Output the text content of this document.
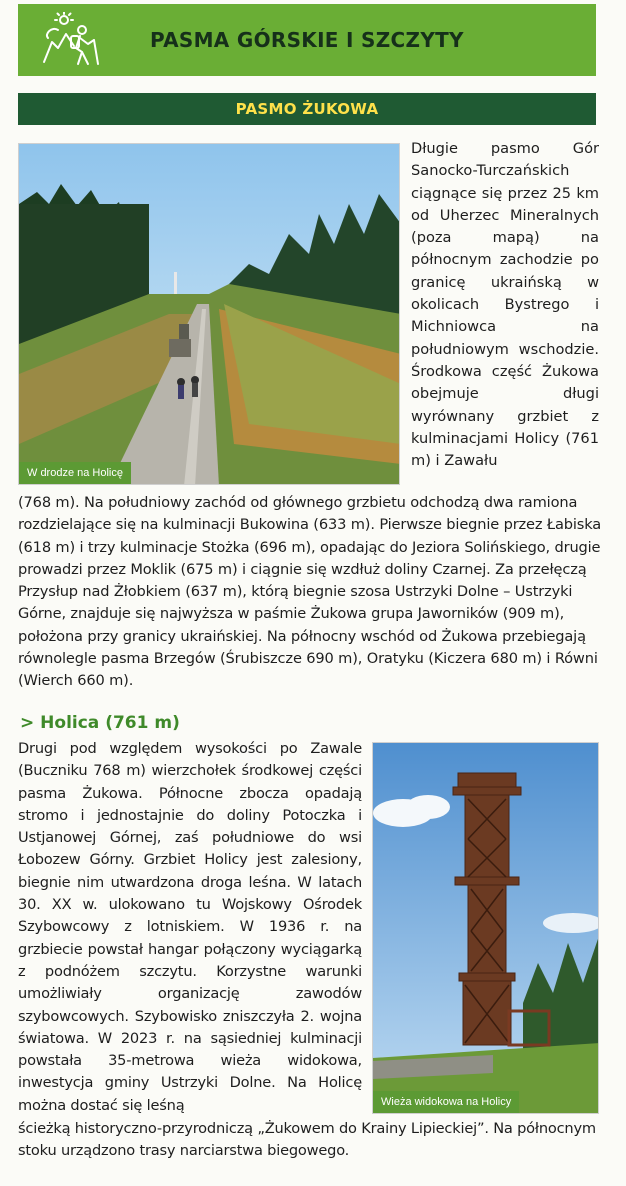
PASMA GÓRSKIE I SZCZYTY
PASMO ŻUKOWA
W drodze na Holicę
Długie pasmo Gór Sanocko-Turczańskich ciągnące się przez 25 km od Uherzec Mineralnych (poza mapą) na północnym zachodzie po granicę ukraińską w okolicach Bystrego i Michniowca na południowym wschodzie. Środkowa część Żukowa obejmuje długi wyrównany grzbiet z kulminacjami Holicy (761 m) i Zawału
(768 m). Na południowy zachód od głównego grzbietu odchodzą dwa ramiona rozdzielające się na kulminacji Bukowina (633 m). Pierwsze biegnie przez Łabiska (618 m) i trzy kulminacje Stożka (696 m), opadając do Jeziora Solińskiego, drugie prowadzi przez Moklik (675 m) i ciągnie się wzdłuż doliny Czarnej. Za przełęczą Przysłup nad Żłobkiem (637 m), którą biegnie szosa Ustrzyki Dolne – Ustrzyki Górne, znajduje się najwyższa w paśmie Żukowa grupa Jaworników (909 m), położona przy granicy ukraińskiej. Na północny wschód od Żukowa przebiegają równolegle pasma Brzegów (Śrubiszcze 690 m), Oratyku (Kiczera 680 m) i Równi (Wierch 660 m).
> Holica (761 m)
Drugi pod względem wysokości po Zawale (Buczniku 768 m) wierzchołek środkowej części pasma Żukowa. Północne zbocza opadają stromo i jednostajnie do doliny Potoczka i Ustjanowej Górnej, zaś południowe do wsi Łobozew Górny. Grzbiet Holicy jest zalesiony, biegnie nim utwardzona droga leśna. W latach 30. XX w. ulokowano tu Wojskowy Ośrodek Szybowcowy z lotniskiem. W 1936 r. na grzbiecie powstał hangar połączony wyciągarką z podnóżem szczytu. Korzystne warunki umożliwiały organizację zawodów szybowcowych. Szybowisko zniszczyła 2. wojna światowa. W 2023 r. na sąsiedniej kulminacji powstała 35-metrowa wieża widokowa, inwestycja gminy Ustrzyki Dolne. Na Holicę można dostać się leśną	Wieża widokowa na Holicy
ścieżką historyczno-przyrodniczą „Żukowem do Krainy Lipieckiej”. Na północnym stoku urządzono trasy narciarstwa biegowego.
